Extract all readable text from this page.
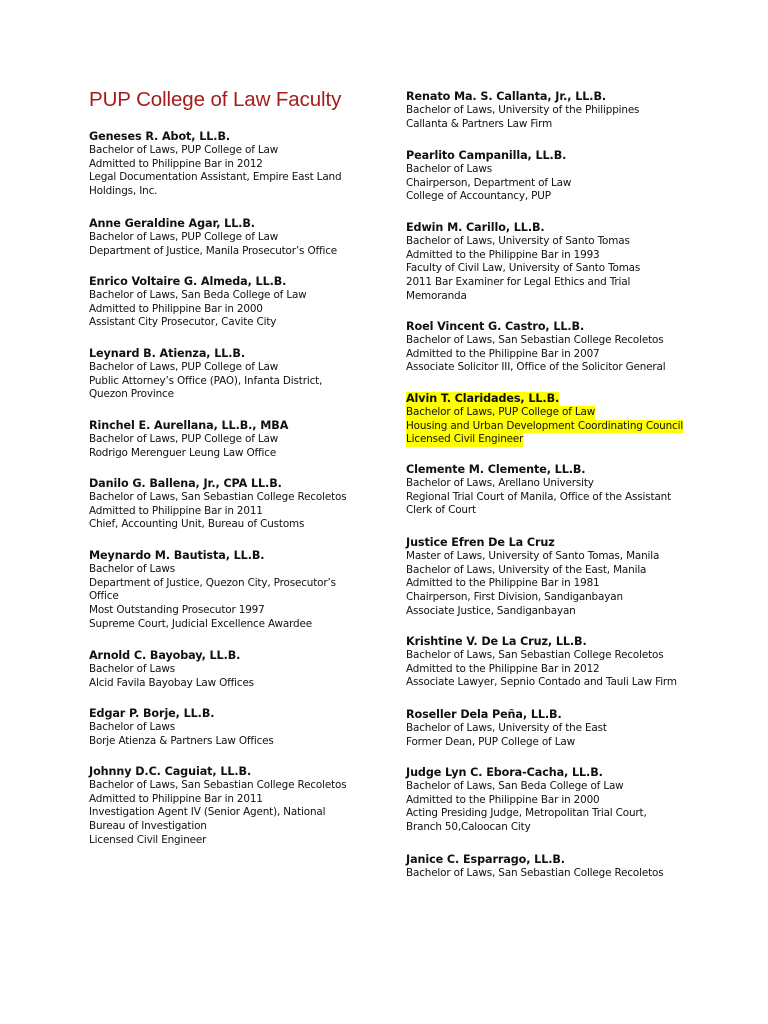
PUP College of Law Faculty
Geneses R. Abot, LL.B.
Bachelor of Laws, PUP College of Law
Admitted to Philippine Bar in 2012
Legal Documentation Assistant, Empire East Land
Holdings, Inc.
Anne Geraldine Agar, LL.B.
Bachelor of Laws, PUP College of Law
Department of Justice, Manila Prosecutor’s Office
Enrico Voltaire G. Almeda, LL.B.
Bachelor of Laws, San Beda College of Law
Admitted to Philippine Bar in 2000
Assistant City Prosecutor, Cavite City
Leynard B. Atienza, LL.B.
Bachelor of Laws, PUP College of Law
Public Attorney’s Office (PAO), Infanta District,
Quezon Province
Rinchel E. Aurellana, LL.B., MBA
Bachelor of Laws, PUP College of Law
Rodrigo Merenguer Leung Law Office
Danilo G. Ballena, Jr., CPA LL.B.
Bachelor of Laws, San Sebastian College Recoletos
Admitted to Philippine Bar in 2011
Chief, Accounting Unit, Bureau of Customs
Meynardo M. Bautista, LL.B.
Bachelor of Laws
Department of Justice, Quezon City, Prosecutor’s
Office
Most Outstanding Prosecutor 1997
Supreme Court, Judicial Excellence Awardee
Arnold C. Bayobay, LL.B.
Bachelor of Laws
Alcid Favila Bayobay Law Offices
Edgar P. Borje, LL.B.
Bachelor of Laws
Borje Atienza & Partners Law Offices
Johnny D.C. Caguiat, LL.B.
Bachelor of Laws, San Sebastian College Recoletos
Admitted to Philippine Bar in 2011
Investigation Agent IV (Senior Agent), National
Bureau of Investigation
Licensed Civil Engineer
Renato Ma. S. Callanta, Jr., LL.B.
Bachelor of Laws, University of the Philippines
Callanta & Partners Law Firm
Pearlito Campanilla, LL.B.
Bachelor of Laws
Chairperson, Department of Law
College of Accountancy, PUP
Edwin M. Carillo, LL.B.
Bachelor of Laws, University of Santo Tomas
Admitted to the Philippine Bar in 1993
Faculty of Civil Law, University of Santo Tomas
2011 Bar Examiner for Legal Ethics and Trial
Memoranda
Roel Vincent G. Castro, LL.B.
Bachelor of Laws, San Sebastian College Recoletos
Admitted to the Philippine Bar in 2007
Associate Solicitor III, Office of the Solicitor General
Alvin T. Claridades, LL.B.
Bachelor of Laws, PUP College of Law
Housing and Urban Development Coordinating Council
Licensed Civil Engineer
Clemente M. Clemente, LL.B.
Bachelor of Laws, Arellano University
Regional Trial Court of Manila, Office of the Assistant
Clerk of Court
Justice Efren De La Cruz
Master of Laws, University of Santo Tomas, Manila
Bachelor of Laws, University of the East, Manila
Admitted to the Philippine Bar in 1981
Chairperson, First Division, Sandiganbayan
Associate Justice, Sandiganbayan
Krishtine V. De La Cruz, LL.B.
Bachelor of Laws, San Sebastian College Recoletos
Admitted to the Philippine Bar in 2012
Associate Lawyer, Sepnio Contado and Tauli Law Firm
Roseller Dela Peña, LL.B.
Bachelor of Laws, University of the East
Former Dean, PUP College of Law
Judge Lyn C. Ebora-Cacha, LL.B.
Bachelor of Laws, San Beda College of Law
Admitted to the Philippine Bar in 2000
Acting Presiding Judge, Metropolitan Trial Court,
Branch 50,Caloocan City
Janice C. Esparrago, LL.B.
Bachelor of Laws, San Sebastian College Recoletos
